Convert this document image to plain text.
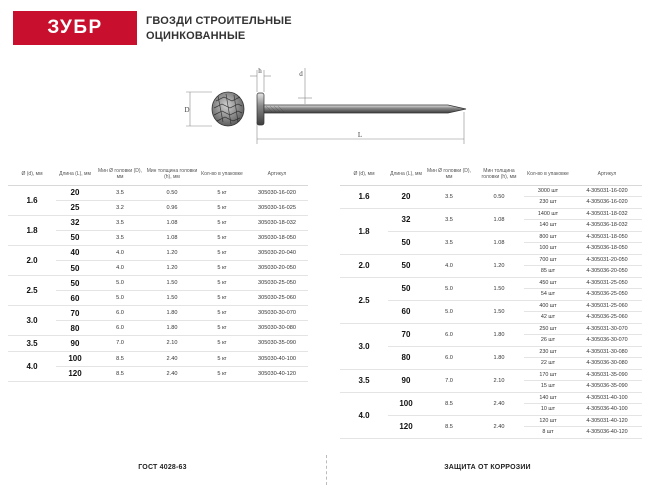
ЗУБР	ГВОЗДИ СТРОИТЕЛЬНЫЕ
ОЦИНКОВАННЫЕ
h	d
D
L
Ø (d), мм	Длина (L), мм	Мин Ø головки (D), мм	Мин толщина головки (h), мм	Кол-во в упаковке	Артикул
1.6	20	3.5	0.50	5 кг	305030-16-020
	25	3.2	0.96	5 кг	305030-16-025
1.8	32	3.5	1.08	5 кг	305030-18-032
	50	3.5	1.08	5 кг	305030-18-050
2.0	40	4.0	1.20	5 кг	305030-20-040
	50	4.0	1.20	5 кг	305030-20-050
2.5	50	5.0	1.50	5 кг	305030-25-050
	60	5.0	1.50	5 кг	305030-25-060
3.0	70	6.0	1.80	5 кг	305030-30-070
	80	6.0	1.80	5 кг	305030-30-080
3.5	90	7.0	2.10	5 кг	305030-35-090
4.0	100	8.5	2.40	5 кг	305030-40-100
	120	8.5	2.40	5 кг	305030-40-120
Ø (d), мм	Длина (L), мм	Мин Ø головки (D), мм	Мин толщина головки (h), мм	Кол-во в упаковке	Артикул
1.6	20	3.5	0.50	3000 шт	4-305031-16-020
				230 шт	4-305036-16-020
1.8	32	3.5	1.08	1400 шт	4-305031-18-032
				140 шт	4-305036-18-032
	50	3.5	1.08	800 шт	4-305031-18-050
				100 шт	4-305036-18-050
2.0	50	4.0	1.20	700 шт	4-305031-20-050
				85 шт	4-305036-20-050
2.5	50	5.0	1.50	450 шт	4-305031-25-050
				54 шт	4-305036-25-050
	60	5.0	1.50	400 шт	4-305031-25-060
				42 шт	4-305036-25-060
3.0	70	6.0	1.80	250 шт	4-305031-30-070
				26 шт	4-305036-30-070
	80	6.0	1.80	230 шт	4-305031-30-080
				22 шт	4-305036-30-080
3.5	90	7.0	2.10	170 шт	4-305031-35-090
				15 шт	4-305036-35-090
4.0	100	8.5	2.40	140 шт	4-305031-40-100
				10 шт	4-305036-40-100
	120	8.5	2.40	120 шт	4-305031-40-120
				8 шт	4-305036-40-120
ГОСТ 4028-63	ЗАЩИТА ОТ КОРРОЗИИ
